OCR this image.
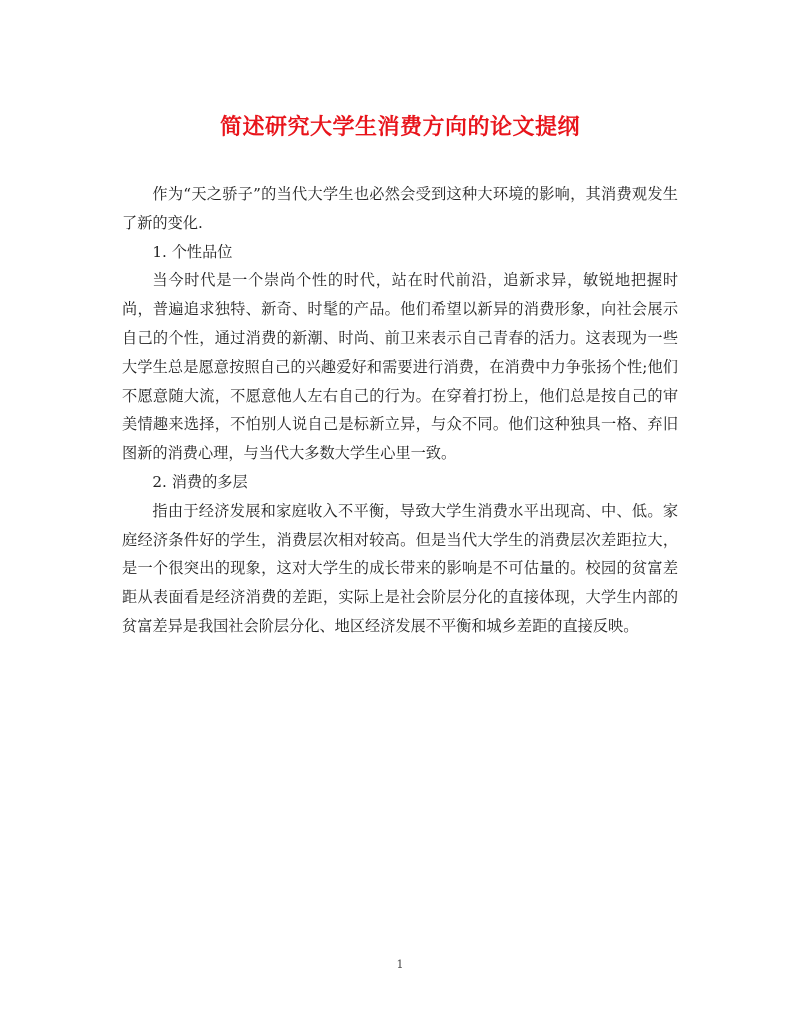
简述研究大学生消费方向的论文提纲

作为“天之骄子”的当代大学生也必然会受到这种大环境的影响，其消费观发生了新的变化.

1. 个性品位

当今时代是一个崇尚个性的时代，站在时代前沿，追新求异，敏锐地把握时尚，普遍追求独特、新奇、时髦的产品。他们希望以新异的消费形象，向社会展示自己的个性，通过消费的新潮、时尚、前卫来表示自己青春的活力。这表现为一些大学生总是愿意按照自己的兴趣爱好和需要进行消费，在消费中力争张扬个性;他们不愿意随大流，不愿意他人左右自己的行为。在穿着打扮上，他们总是按自己的审美情趣来选择，不怕别人说自己是标新立异，与众不同。他们这种独具一格、弃旧图新的消费心理，与当代大多数大学生心里一致。

2. 消费的多层

指由于经济发展和家庭收入不平衡，导致大学生消费水平出现高、中、低。家庭经济条件好的学生，消费层次相对较高。但是当代大学生的消费层次差距拉大，是一个很突出的现象，这对大学生的成长带来的影响是不可估量的。校园的贫富差距从表面看是经济消费的差距，实际上是社会阶层分化的直接体现，大学生内部的贫富差异是我国社会阶层分化、地区经济发展不平衡和城乡差距的直接反映。

1
